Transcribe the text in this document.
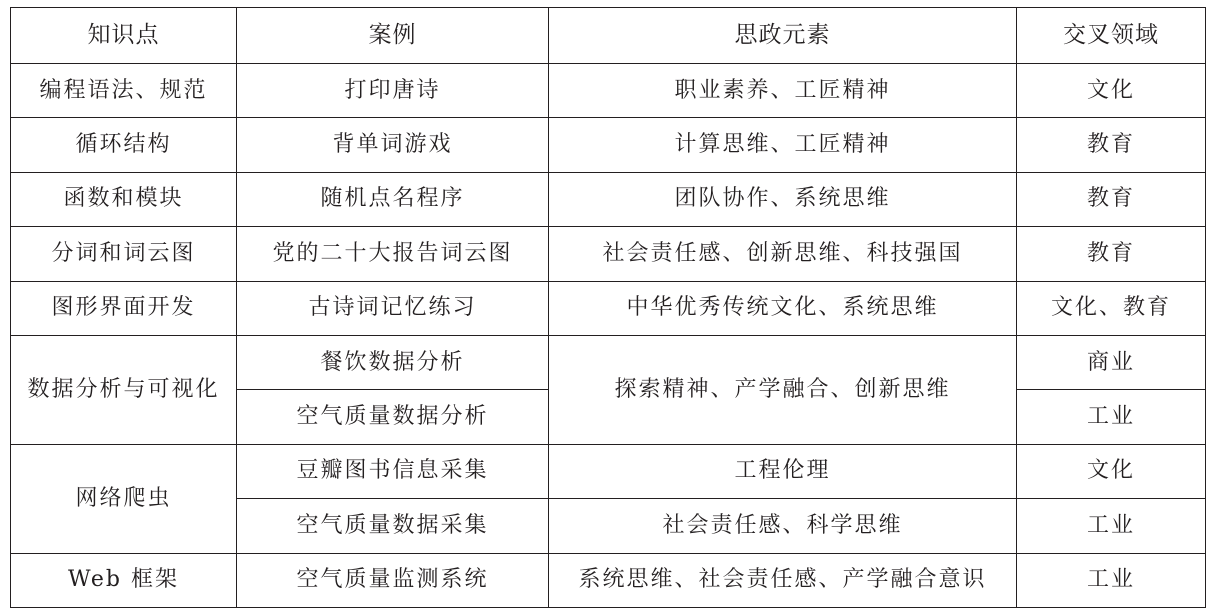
知识点	案例	思政元素	交叉领域
编程语法、规范	打印唐诗	职业素养、工匠精神	文化
循环结构	背单词游戏	计算思维、工匠精神	教育
函数和模块	随机点名程序	团队协作、系统思维	教育
分词和词云图	党的二十大报告词云图	社会责任感、创新思维、科技强国	教育
图形界面开发	古诗词记忆练习	中华优秀传统文化、系统思维	文化、教育
数据分析与可视化	餐饮数据分析	探索精神、产学融合、创新思维	商业
	空气质量数据分析		工业
网络爬虫	豆瓣图书信息采集	工程伦理	文化
	空气质量数据采集	社会责任感、科学思维	工业
Web 框架	空气质量监测系统	系统思维、社会责任感、产学融合意识	工业
